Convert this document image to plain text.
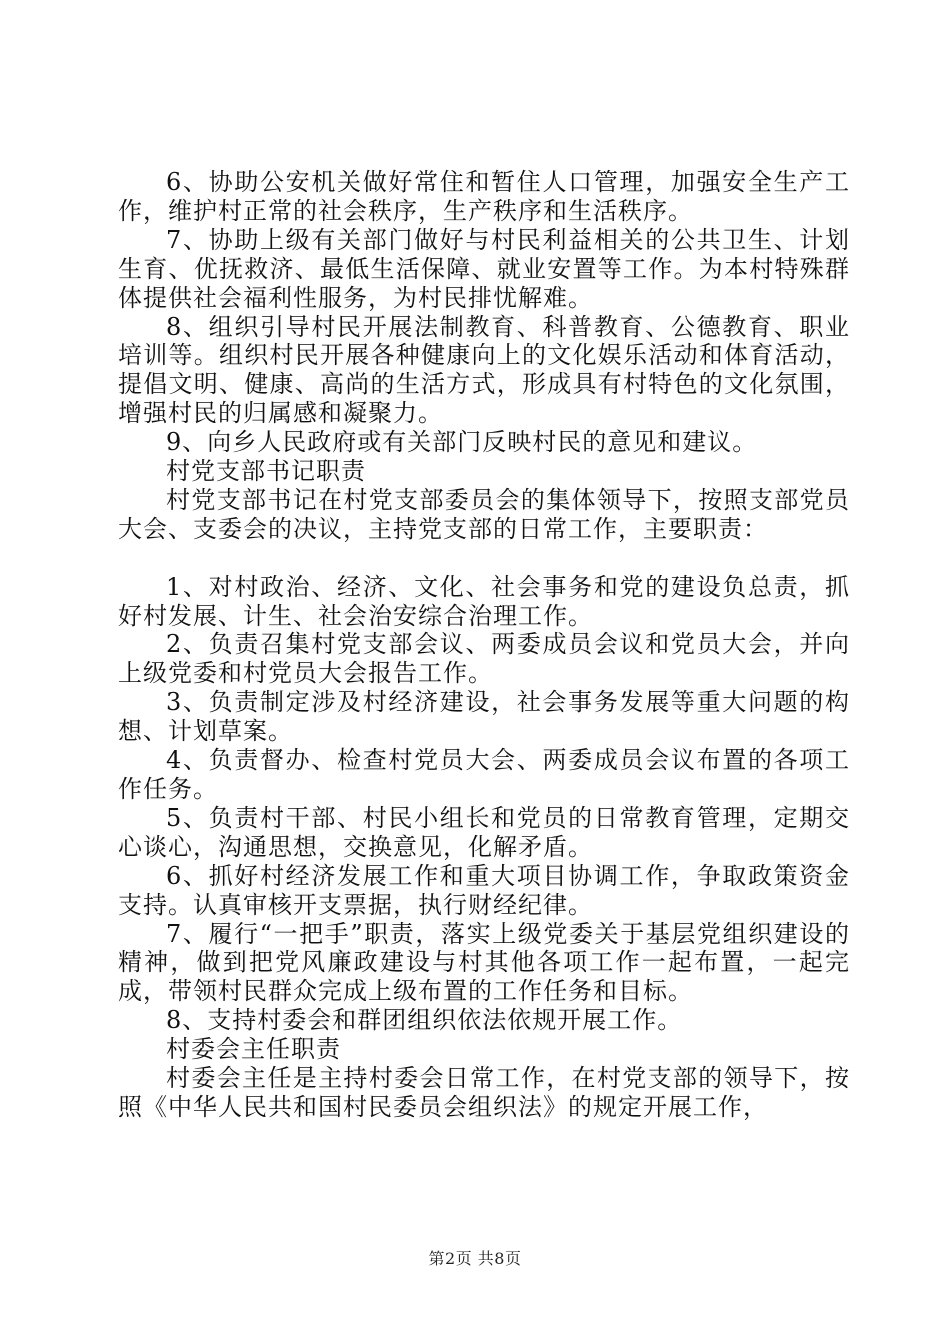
6、协助公安机关做好常住和暂住人口管理，加强安全生产工作，维护村正常的社会秩序，生产秩序和生活秩序。

7、协助上级有关部门做好与村民利益相关的公共卫生、计划生育、优抚救济、最低生活保障、就业安置等工作。为本村特殊群体提供社会福利性服务，为村民排忧解难。

8、组织引导村民开展法制教育、科普教育、公德教育、职业培训等。组织村民开展各种健康向上的文化娱乐活动和体育活动，提倡文明、健康、高尚的生活方式，形成具有村特色的文化氛围，增强村民的归属感和凝聚力。

9、向乡人民政府或有关部门反映村民的意见和建议。

村党支部书记职责

村党支部书记在村党支部委员会的集体领导下，按照支部党员大会、支委会的决议，主持党支部的日常工作，主要职责：

1、对村政治、经济、文化、社会事务和党的建设负总责，抓好村发展、计生、社会治安综合治理工作。

2、负责召集村党支部会议、两委成员会议和党员大会，并向上级党委和村党员大会报告工作。

3、负责制定涉及村经济建设，社会事务发展等重大问题的构想、计划草案。

4、负责督办、检查村党员大会、两委成员会议布置的各项工作任务。

5、负责村干部、村民小组长和党员的日常教育管理，定期交心谈心，沟通思想，交换意见，化解矛盾。

6、抓好村经济发展工作和重大项目协调工作，争取政策资金支持。认真审核开支票据，执行财经纪律。

7、履行“一把手”职责，落实上级党委关于基层党组织建设的精神，做到把党风廉政建设与村其他各项工作一起布置，一起完成，带领村民群众完成上级布置的工作任务和目标。

8、支持村委会和群团组织依法依规开展工作。

村委会主任职责

村委会主任是主持村委会日常工作，在村党支部的领导下，按照《中华人民共和国村民委员会组织法》的规定开展工作，

第2页 共8页
